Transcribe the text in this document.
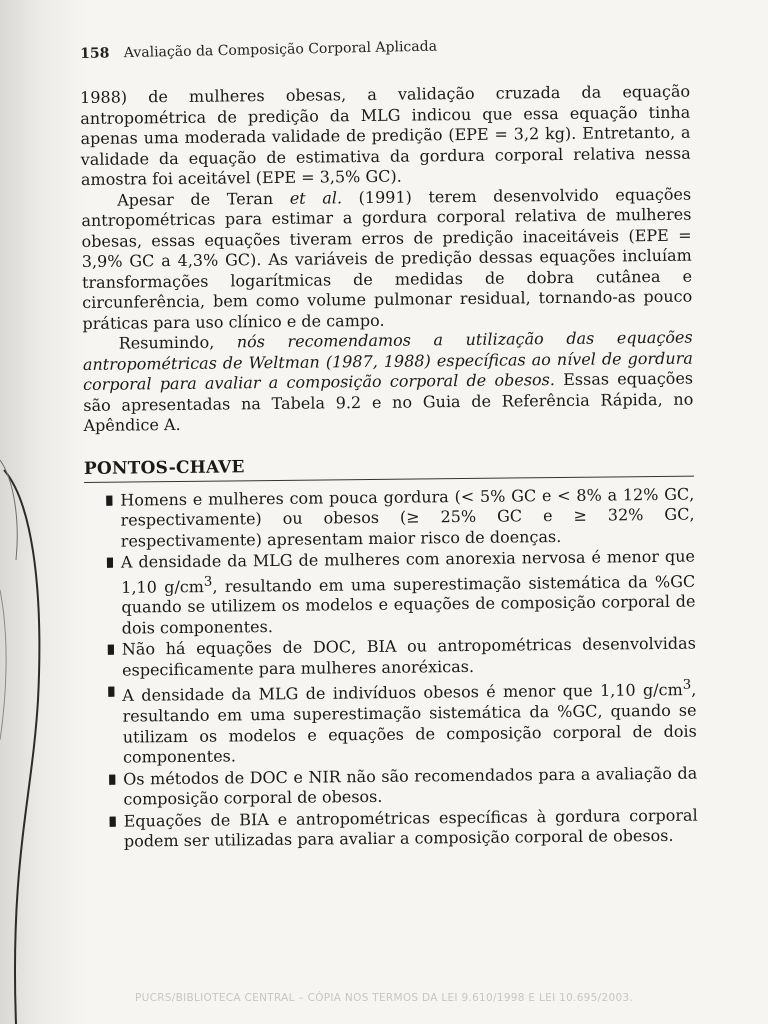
158 Avaliação da Composição Corporal Aplicada

1988) de mulheres obesas, a validação cruzada da equação antropométrica de predição da MLG indicou que essa equação tinha apenas uma moderada validade de predição (EPE = 3,2 kg). Entretanto, a validade da equação de estimativa da gordura corporal relativa nessa amostra foi aceitável (EPE = 3,5% GC).

Apesar de Teran et al. (1991) terem desenvolvido equações antropométricas para estimar a gordura corporal relativa de mulheres obesas, essas equações tiveram erros de predição inaceitáveis (EPE = 3,9% GC a 4,3% GC). As variáveis de predição dessas equações incluíam transformações logarítmicas de medidas de dobra cutânea e circunferência, bem como volume pulmonar residual, tornando-as pouco práticas para uso clínico e de campo.

Resumindo, nós recomendamos a utilização das equações antropométricas de Weltman (1987, 1988) específicas ao nível de gordura corporal para avaliar a composição corporal de obesos. Essas equações são apresentadas na Tabela 9.2 e no Guia de Referência Rápida, no Apêndice A.

PONTOS-CHAVE
Homens e mulheres com pouca gordura (< 5% GC e < 8% a 12% GC, respectivamente) ou obesos (≥ 25% GC e ≥ 32% GC, respectivamente) apresentam maior risco de doenças.
A densidade da MLG de mulheres com anorexia nervosa é menor que 1,10 $g/cm^3$, resultando em uma superestimação sistemática da %GC quando se utilizem os modelos e equações de composição corporal de dois componentes.
Não há equações de DOC, BIA ou antropométricas desenvolvidas especificamente para mulheres anoréxicas.
A densidade da MLG de indivíduos obesos é menor que 1,10 $g/cm^3$, resultando em uma superestimação sistemática da %GC, quando se utilizam os modelos e equações de composição corporal de dois componentes.
Os métodos de DOC e NIR não são recomendados para a avaliação da composição corporal de obesos.
Equações de BIA e antropométricas específicas à gordura corporal podem ser utilizadas para avaliar a composição corporal de obesos.
PUCRS/BIBLIOTECA CENTRAL – CÓPIA NOS TERMOS DA LEI 9.610/1998 E LEI 10.695/2003.
